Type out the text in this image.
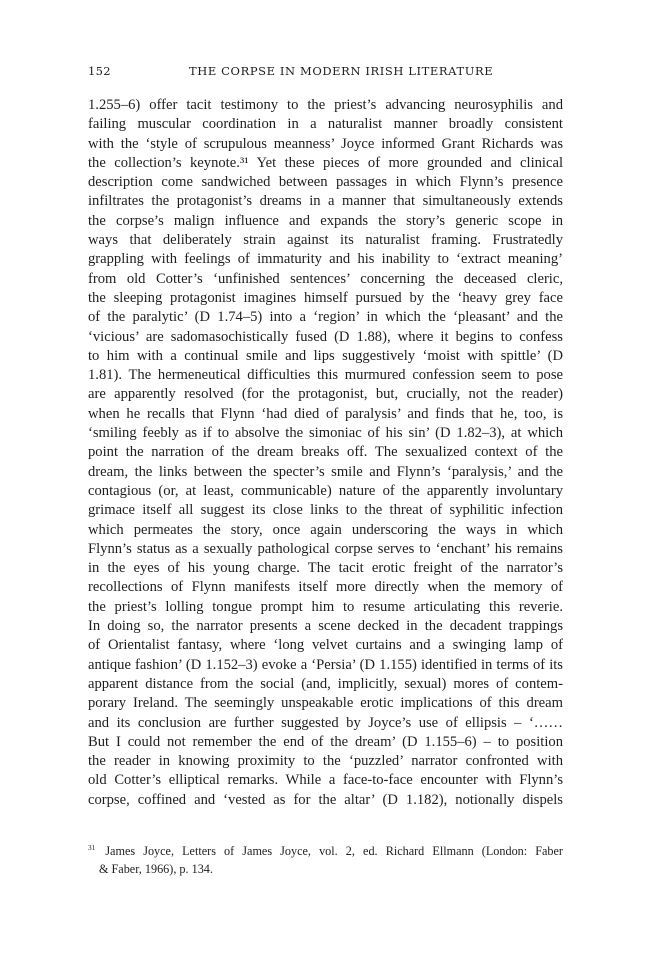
152	THE CORPSE IN MODERN IRISH LITERATURE
1.255–6) offer tacit testimony to the priest’s advancing neurosyphilis and
failing muscular coordination in a naturalist manner broadly consistent
with the ‘style of scrupulous meanness’ Joyce informed Grant Richards was
the collection’s keynote.³¹ Yet these pieces of more grounded and clinical
description come sandwiched between passages in which Flynn’s presence
infiltrates the protagonist’s dreams in a manner that simultaneously extends
the corpse’s malign influence and expands the story’s generic scope in
ways that deliberately strain against its naturalist framing. Frustratedly
grappling with feelings of immaturity and his inability to ‘extract meaning’
from old Cotter’s ‘unfinished sentences’ concerning the deceased cleric,
the sleeping protagonist imagines himself pursued by the ‘heavy grey face
of the paralytic’ (D 1.74–5) into a ‘region’ in which the ‘pleasant’ and the
‘vicious’ are sadomasochistically fused (D 1.88), where it begins to confess
to him with a continual smile and lips suggestively ‘moist with spittle’ (D
1.81). The hermeneutical difficulties this murmured confession seem to pose
are apparently resolved (for the protagonist, but, crucially, not the reader)
when he recalls that Flynn ‘had died of paralysis’ and finds that he, too, is
‘smiling feebly as if to absolve the simoniac of his sin’ (D 1.82–3), at which
point the narration of the dream breaks off. The sexualized context of the
dream, the links between the specter’s smile and Flynn’s ‘paralysis,’ and the
contagious (or, at least, communicable) nature of the apparently involuntary
grimace itself all suggest its close links to the threat of syphilitic infection
which permeates the story, once again underscoring the ways in which
Flynn’s status as a sexually pathological corpse serves to ‘enchant’ his remains
in the eyes of his young charge. The tacit erotic freight of the narrator’s
recollections of Flynn manifests itself more directly when the memory of
the priest’s lolling tongue prompt him to resume articulating this reverie.
In doing so, the narrator presents a scene decked in the decadent trappings
of Orientalist fantasy, where ‘long velvet curtains and a swinging lamp of
antique fashion’ (D 1.152–3) evoke a ‘Persia’ (D 1.155) identified in terms of its
apparent distance from the social (and, implicitly, sexual) mores of contem-
porary Ireland. The seemingly unspeakable erotic implications of this dream
and its conclusion are further suggested by Joyce’s use of ellipsis – ‘……
But I could not remember the end of the dream’ (D 1.155–6) – to position
the reader in knowing proximity to the ‘puzzled’ narrator confronted with
old Cotter’s elliptical remarks. While a face-to-face encounter with Flynn’s
corpse, coffined and ‘vested as for the altar’ (D 1.182), notionally dispels
$^{31}$ James Joyce, Letters of James Joyce, vol. 2, ed. Richard Ellmann (London: Faber
& Faber, 1966), p. 134.
